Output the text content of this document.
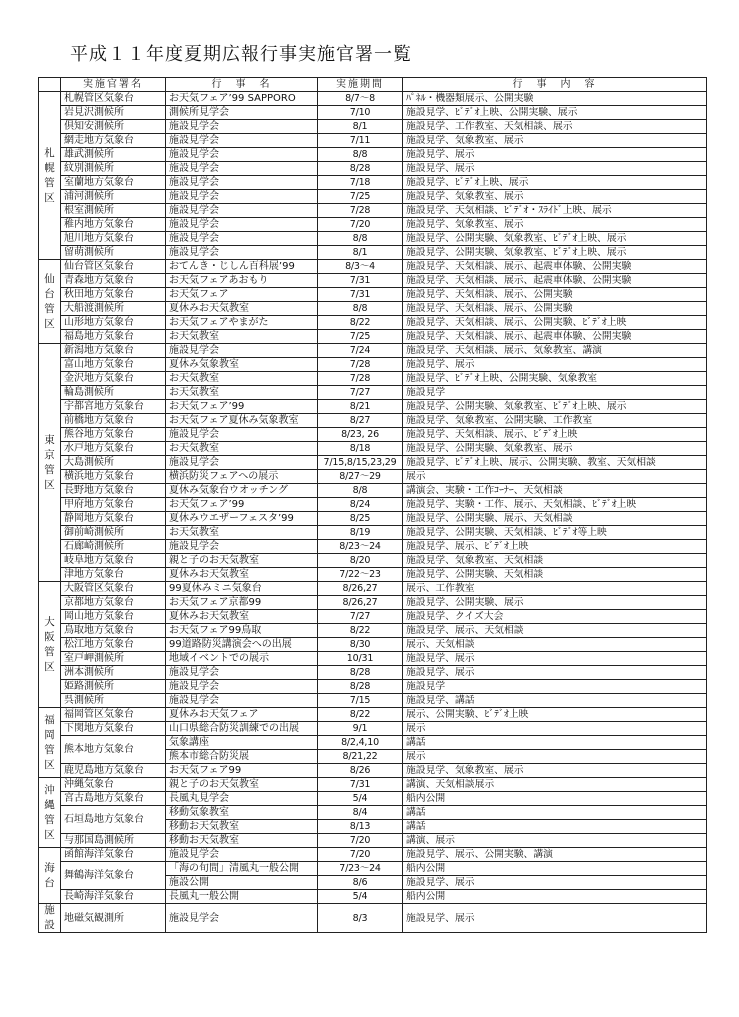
平成１１年度夏期広報行事実施官署一覧
	実施官署名	行　事　名	実施期間	行　事　内　容

札
幌
管
区	札幌管区気象台	お天気フェア’99 SAPPORO	8/7～8	ﾊﾟﾈﾙ・機器類展示、公開実験
	岩見沢測候所	測候所見学会	7/10	施設見学、ﾋﾞﾃﾞｵ上映、公開実験、展示
	倶知安測候所	施設見学会	8/1	施設見学、工作教室、天気相談、展示
	網走地方気象台	施設見学会	7/11	施設見学、気象教室、展示
	雄武測候所	施設見学会	8/8	施設見学、展示
	紋別測候所	施設見学会	8/28	施設見学、展示
	室蘭地方気象台	施設見学会	7/18	施設見学、ﾋﾞﾃﾞｵ上映、展示
	浦河測候所	施設見学会	7/25	施設見学、気象教室、展示
	根室測候所	施設見学会	7/28	施設見学、天気相談、ﾋﾞﾃﾞｵ・ｽﾗｲﾄﾞ上映、展示
	稚内地方気象台	施設見学会	7/20	施設見学、気象教室、展示
	旭川地方気象台	施設見学会	8/8	施設見学、公開実験、気象教室、ﾋﾞﾃﾞｵ上映、展示
	留萌測候所	施設見学会	8/1	施設見学、公開実験、気象教室、ﾋﾞﾃﾞｵ上映、展示

仙
台
管
区	仙台管区気象台	おてんき・じしん百科展’99	8/3～4	施設見学、天気相談、展示、起震車体験、公開実験
	青森地方気象台	お天気フェアあおもり	7/31	施設見学、天気相談、展示、起震車体験、公開実験
	秋田地方気象台	お天気フェア	7/31	施設見学、天気相談、展示、公開実験
	大船渡測候所	夏休みお天気教室	8/8	施設見学、天気相談、展示、公開実験
	山形地方気象台	お天気フェアやまがた	8/22	施設見学、天気相談、展示、公開実験、ﾋﾞﾃﾞｵ上映
	福島地方気象台	お天気教室	7/25	施設見学、天気相談、展示、起震車体験、公開実験

東
京
管
区	新潟地方気象台	施設見学会	7/24	施設見学、天気相談、展示、気象教室、講演
	富山地方気象台	夏休み気象教室	7/28	施設見学、展示
	金沢地方気象台	お天気教室	7/28	施設見学、ﾋﾞﾃﾞｵ上映、公開実験、気象教室
	輪島測候所	お天気教室	7/27	施設見学
	宇都宮地方気象台	お天気フェア’99	8/21	施設見学、公開実験、気象教室、ﾋﾞﾃﾞｵ上映、展示
	前橋地方気象台	お天気フェア夏休み気象教室	8/27	施設見学、気象教室、公開実験、工作教室
	熊谷地方気象台	施設見学会	8/23, 26	施設見学、天気相談、展示、ﾋﾞﾃﾞｵ上映
	水戸地方気象台	お天気教室	8/18	施設見学、公開実験、気象教室、展示
	大島測候所	施設見学会	7/15,8/15,23,29	施設見学、ﾋﾞﾃﾞｵ上映、展示、公開実験、教室、天気相談
	横浜地方気象台	横浜防災フェアへの展示	8/27～29	展示
	長野地方気象台	夏休み気象台ウオッチング	8/8	講演会、実験・工作ｺｰﾅｰ、天気相談
	甲府地方気象台	お天気フェア’99	8/24	施設見学、実験・工作、展示、天気相談、ﾋﾞﾃﾞｵ上映
	静岡地方気象台	夏休みウエザーフェスタ’99	8/25	施設見学、公開実験、展示、天気相談
	御前崎測候所	お天気教室	8/19	施設見学、公開実験、天気相談、ﾋﾞﾃﾞｵ等上映
	石廊崎測候所	施設見学会	8/23～24	施設見学、展示、ﾋﾞﾃﾞｵ上映
	岐阜地方気象台	親と子のお天気教室	8/20	施設見学、気象教室、天気相談
	津地方気象台	夏休みお天気教室	7/22～23	施設見学、公開実験、天気相談

大
阪
管
区	大阪管区気象台	99夏休みミニ気象台	8/26,27	展示、工作教室
	京都地方気象台	お天気フェア京都99	8/26,27	施設見学、公開実験、展示
	岡山地方気象台	夏休みお天気教室	7/27	施設見学、クイズ大会
	鳥取地方気象台	お天気フェア99鳥取	8/22	施設見学、展示、天気相談
	松江地方気象台	99道路防災講演会への出展	8/30	展示、天気相談
	室戸岬測候所	地域イベントでの展示	10/31	施設見学、展示
	洲本測候所	施設見学会	8/28	施設見学、展示
	姫路測候所	施設見学会	8/28	施設見学
	呉測候所	施設見学会	7/15	施設見学、講話

福
岡
管
区	福岡管区気象台	夏休みお天気フェア	8/22	展示、公開実験、ﾋﾞﾃﾞｵ上映
	下関地方気象台	山口県総合防災訓練での出展	9/1	展示
	熊本地方気象台	気象講座	8/2,4,10	講話
		熊本市総合防災展	8/21,22	展示
	鹿児島地方気象台	お天気フェア99	8/26	施設見学、気象教室、展示

沖
縄
管
区	沖縄気象台	親と子のお天気教室	7/31	講演、天気相談展示
	宮古島地方気象台	長風丸見学会	5/4	船内公開
	石垣島地方気象台	移動気象教室	8/4	講話
		移動お天気教室	8/13	講話
	与那国島測候所	移動お天気教室	7/20	講演、展示

海
台	函館海洋気象台	施設見学会	7/20	施設見学、展示、公開実験、講演
	舞鶴海洋気象台	「海の旬間」清風丸一般公開	7/23～24	船内公開
		施設公開	8/6	施設見学、展示
	長崎海洋気象台	長風丸一般公開	5/4	船内公開

施
設	地磁気観測所	施設見学会	8/3	施設見学、展示
